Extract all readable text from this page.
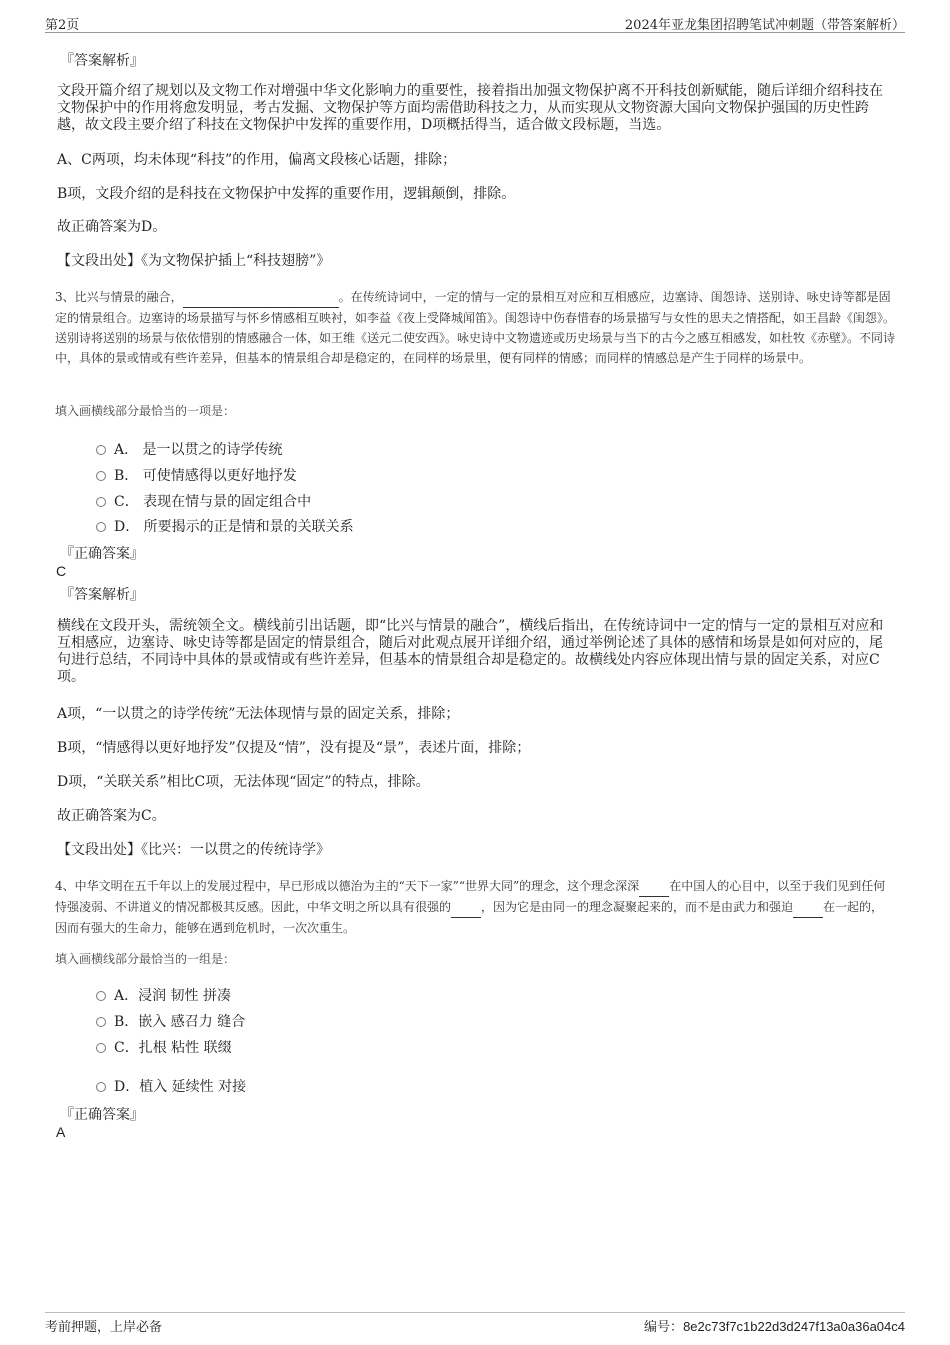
第2页	2024年亚龙集团招聘笔试冲刺题（带答案解析）
『答案解析』
文段开篇介绍了规划以及文物工作对增强中华文化影响力的重要性，接着指出加强文物保护离不开科技创新赋能，随后详细介绍科技在文物保护中的作用将愈发明显，考古发掘、文物保护等方面均需借助科技之力，从而实现从文物资源大国向文物保护强国的历史性跨越，故文段主要介绍了科技在文物保护中发挥的重要作用，D项概括得当，适合做文段标题，当选。
A、C两项，均未体现“科技”的作用，偏离文段核心话题，排除；
B项，文段介绍的是科技在文物保护中发挥的重要作用，逻辑颠倒，排除。
故正确答案为D。
【文段出处】《为文物保护插上“科技翅膀”》
3、比兴与情景的融合，	。在传统诗词中，一定的情与一定的景相互对应和互相感应，边塞诗、闺怨诗、送别诗、咏史诗等都是固定的情景组合。边塞诗的场景描写与怀乡情感相互映衬，如李益《夜上受降城闻笛》。闺怨诗中伤春惜春的场景描写与女性的思夫之情搭配，如王昌龄《闺怨》。送别诗将送别的场景与依依惜别的情感融合一体，如王维《送元二使安西》。咏史诗中文物遗迹或历史场景与当下的古今之感互相感发，如杜牧《赤壁》。不同诗中，具体的景或情或有些许差异，但基本的情景组合却是稳定的，在同样的场景里，便有同样的情感；而同样的情感总是产生于同样的场景中。
填入画横线部分最恰当的一项是：
A． 是一以贯之的诗学传统
B． 可使情感得以更好地抒发
C． 表现在情与景的固定组合中
D． 所要揭示的正是情和景的关联关系
『正确答案』
C
『答案解析』
横线在文段开头，需统领全文。横线前引出话题，即“比兴与情景的融合”，横线后指出，在传统诗词中一定的情与一定的景相互对应和互相感应，边塞诗、咏史诗等都是固定的情景组合，随后对此观点展开详细介绍，通过举例论述了具体的感情和场景是如何对应的，尾句进行总结，不同诗中具体的景或情或有些许差异，但基本的情景组合却是稳定的。故横线处内容应体现出情与景的固定关系，对应C项。
A项，“一以贯之的诗学传统”无法体现情与景的固定关系，排除；
B项，“情感得以更好地抒发”仅提及“情”，没有提及“景”，表述片面，排除；
D项，“关联关系”相比C项，无法体现“固定”的特点，排除。
故正确答案为C。
【文段出处】《比兴：一以贯之的传统诗学》
4、中华文明在五千年以上的发展过程中，早已形成以德治为主的“天下一家”“世界大同”的理念，这个理念深深	在中国人的心目中，以至于我们见到任何恃强凌弱、不讲道义的情况都极其反感。因此，中华文明之所以具有很强的	，因为它是由同一的理念凝聚起来的，而不是由武力和强迫	在一起的，因而有强大的生命力，能够在遇到危机时，一次次重生。
填入画横线部分最恰当的一组是：
A．浸润 韧性 拼凑
B．嵌入 感召力 缝合
C．扎根 粘性 联缀
D．植入 延续性 对接
『正确答案』
A
考前押题，上岸必备	编号：8e2c73f7c1b22d3d247f13a0a36a04c4
